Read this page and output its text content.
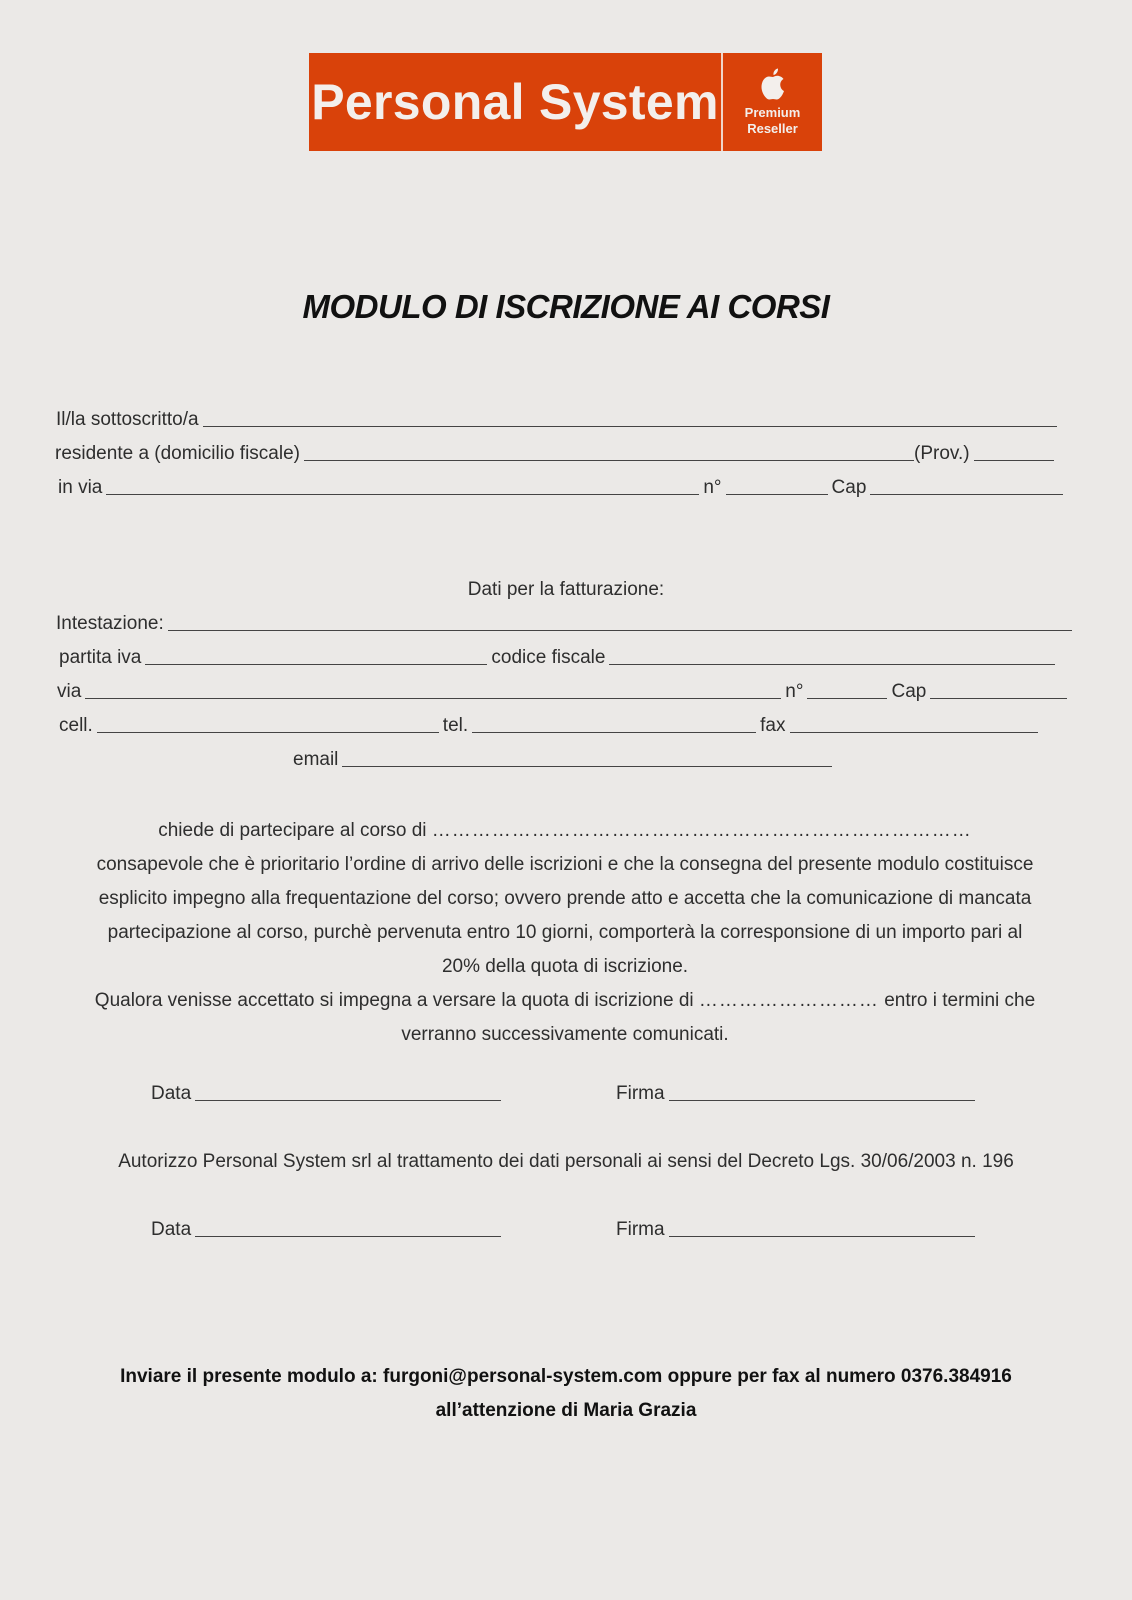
Personal System Premium
Reseller
MODULO DI ISCRIZIONE AI CORSI
Il/la sottoscritto/a
residente a (domicilio fiscale)	(Prov.)
in via	n°	Cap
Dati per la fatturazione:
Intestazione:
partita iva	codice fiscale
via	n°	Cap
cell.	tel.	fax
email
chiede di partecipare al corso di ………………………………………………………………………
consapevole che è prioritario l’ordine di arrivo delle iscrizioni e che la consegna del presente modulo costituisce
esplicito impegno alla frequentazione del corso; ovvero prende atto e accetta che la comunicazione di mancata
partecipazione al corso, purchè pervenuta entro 10 giorni, comporterà la corresponsione di un importo pari al
20% della quota di iscrizione.
Qualora venisse accettato si impegna a versare la quota di iscrizione di ……………………… entro i termini che
verranno successivamente comunicati.
Data	Firma
Autorizzo Personal System srl al trattamento dei dati personali ai sensi del Decreto Lgs. 30/06/2003 n. 196
Data	Firma
Inviare il presente modulo a: furgoni@personal-system.com oppure per fax al numero 0376.384916
all’attenzione di Maria Grazia
